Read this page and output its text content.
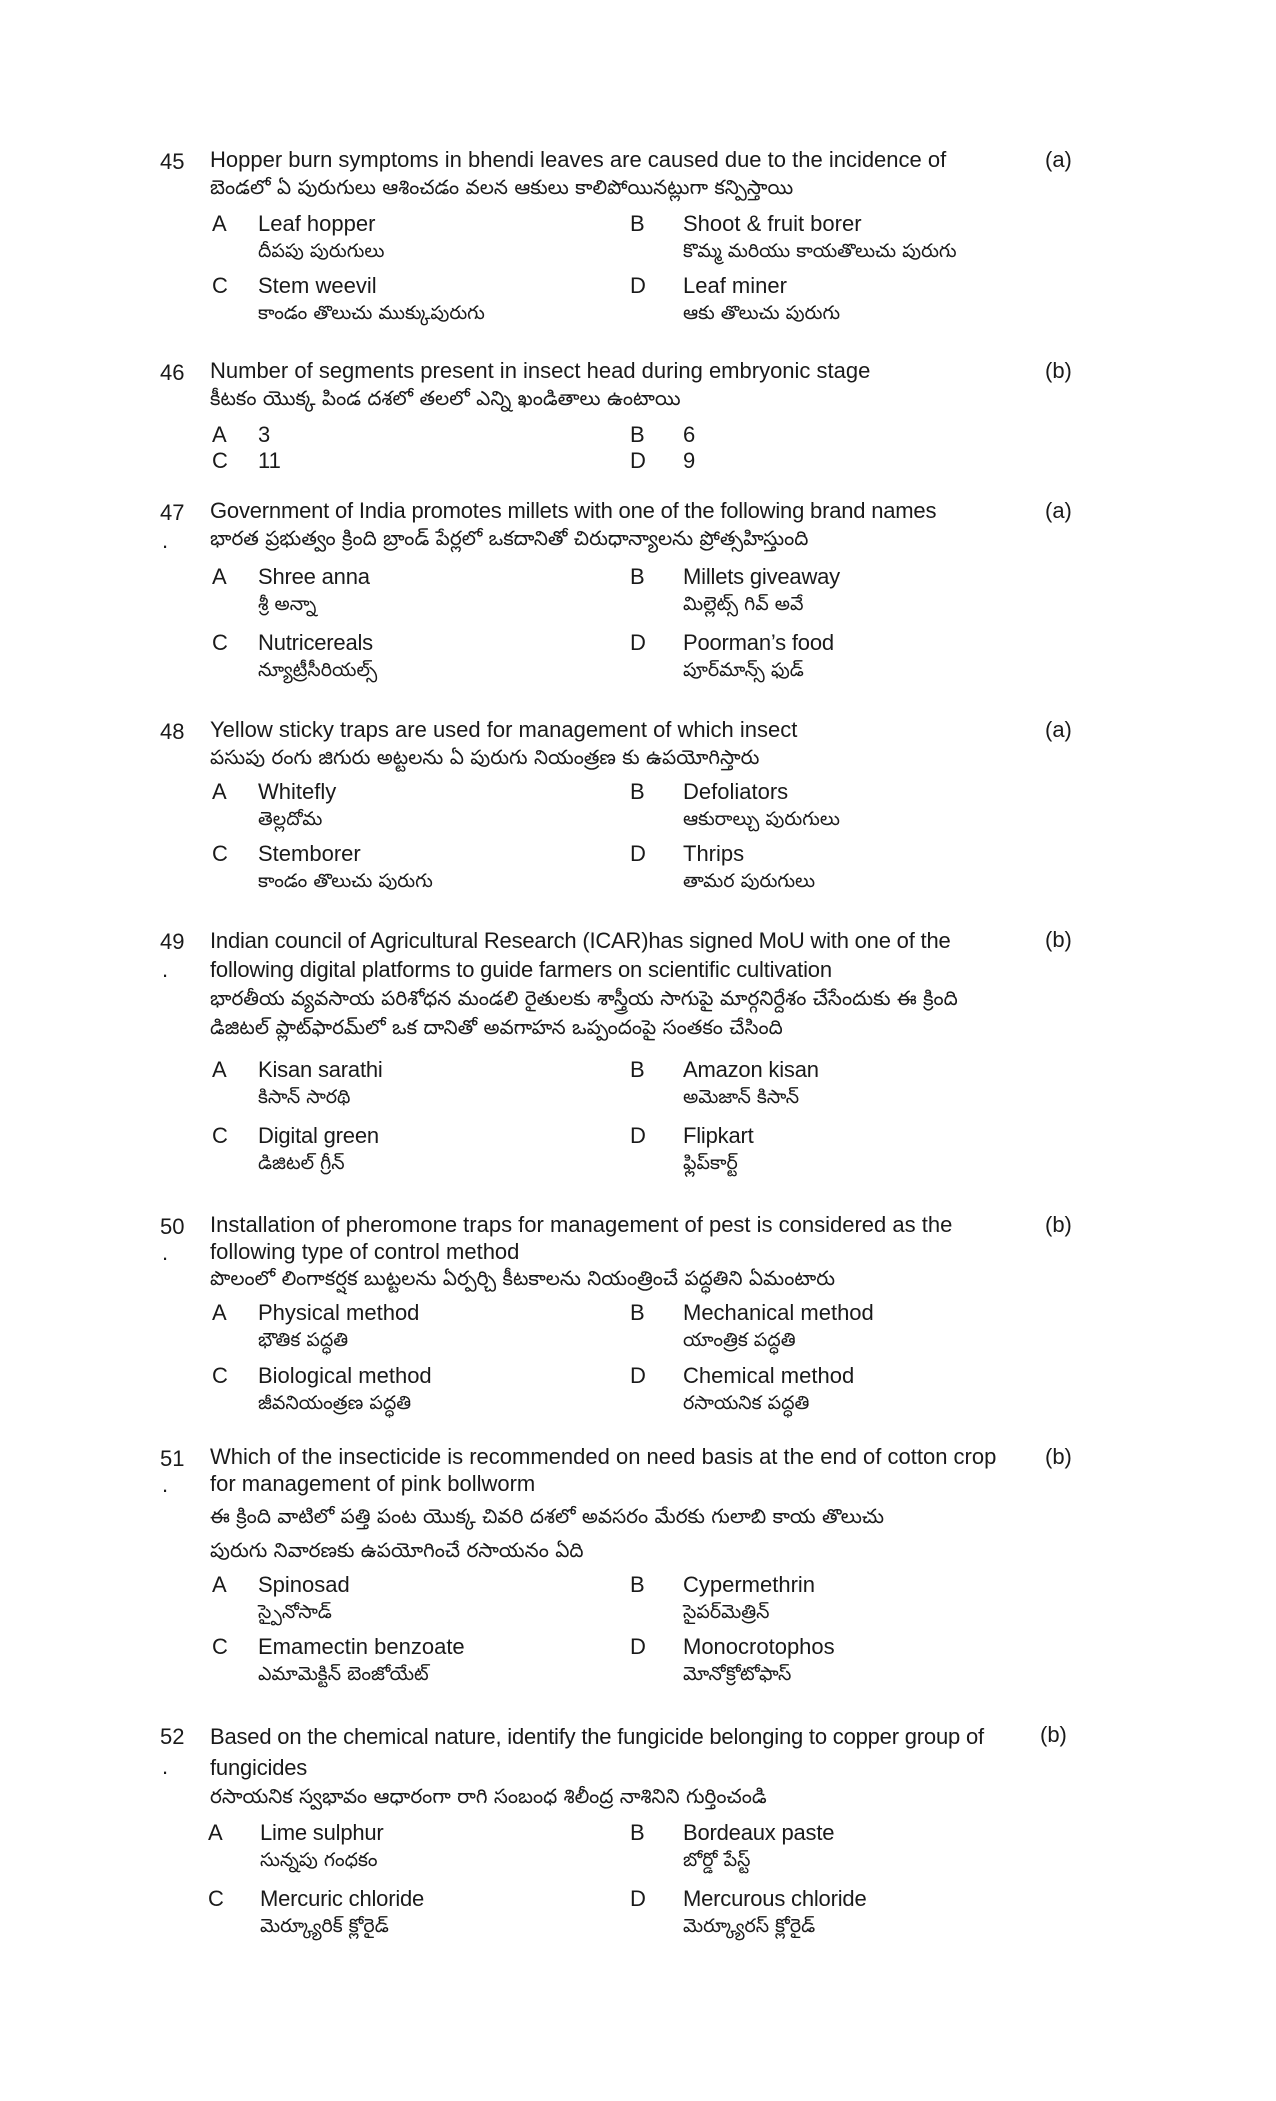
45 Hopper burn symptoms in bhendi leaves are caused due to the incidence of
బెండలో ఏ పురుగులు ఆశించడం వలన ఆకులు కాలిపోయినట్లుగా కన్పిస్తాయి
(a)
A Leaf hopper
దీపపు పురుగులు
B Shoot & fruit borer
కొమ్మ మరియు కాయతొలుచు పురుగు
C Stem weevil
కాండం తొలుచు ముక్కుపురుగు
D Leaf miner
ఆకు తొలుచు పురుగు
46 Number of segments present in insect head during embryonic stage
కీటకం యొక్క పిండ దశలో తలలో ఎన్ని ఖండితాలు ఉంటాయి
(b)
A 3	B 6
C 11	D 9
47
.
Government of India promotes millets with one of the following brand names
భారత ప్రభుత్వం క్రింది బ్రాండ్ పేర్లలో ఒకదానితో చిరుధాన్యాలను ప్రోత్సహిస్తుంది
(a)
A Shree anna
శ్రీ అన్నా
B Millets giveaway
మిల్లెట్స్ గివ్ అవే
C Nutricereals
న్యూట్రీసీరియల్స్
D Poorman’s food
పూర్‌మాన్స్ ఫుడ్
48 Yellow sticky traps are used for management of which insect
పసుపు రంగు జిగురు అట్టలను ఏ పురుగు నియంత్రణ కు ఉపయోగిస్తారు
(a)
A Whitefly
తెల్లదోమ
B Defoliators
ఆకురాల్చు పురుగులు
C Stemborer
కాండం తొలుచు పురుగు
D Thrips
తామర పురుగులు
49
.
Indian council of Agricultural Research (ICAR)has signed MoU with one of the following digital platforms to guide farmers on scientific cultivation
భారతీయ వ్యవసాయ పరిశోధన మండలి రైతులకు శాస్త్రీయ సాగుపై మార్గనిర్దేశం చేసేందుకు ఈ క్రింది డిజిటల్ ప్లాట్‌ఫారమ్‌లో ఒక దానితో అవగాహన ఒప్పందంపై సంతకం చేసింది
(b)
A Kisan sarathi
కిసాన్ సారథి
B Amazon kisan
అమెజాన్ కిసాన్
C Digital green
డిజిటల్ గ్రీన్
D Flipkart
ఫ్లిప్‌కార్ట్
50
.
Installation of pheromone traps for management of pest is considered as the following type of control method
పొలంలో లింగాకర్షక బుట్టలను ఏర్పర్చి కీటకాలను నియంత్రించే పద్ధతిని ఏమంటారు
(b)
A Physical method
భౌతిక పద్ధతి
B Mechanical method
యాంత్రిక పద్ధతి
C Biological method
జీవనియంత్రణ పద్ధతి
D Chemical method
రసాయనిక పద్ధతి
51
.
Which of the insecticide is recommended on need basis at the end of cotton crop for management of pink bollworm
ఈ క్రింది వాటిలో పత్తి పంట యొక్క చివరి దశలో అవసరం మేరకు గులాబి కాయ తొలుచు పురుగు నివారణకు ఉపయోగించే రసాయనం ఏది
(b)
A Spinosad
స్పైనోసాడ్
B Cypermethrin
సైపర్‌మెత్రిన్
C Emamectin benzoate
ఎమామెక్టిన్ బెంజోయేట్
D Monocrotophos
మోనోక్రోటోఫాస్
52
.
Based on the chemical nature, identify the fungicide belonging to copper group of fungicides
రసాయనిక స్వభావం ఆధారంగా రాగి సంబంధ శిలీంద్ర నాశినిని గుర్తించండి
(b)
A Lime sulphur
సున్నపు గంధకం
B Bordeaux paste
బోర్డో పేస్ట్
C Mercuric chloride
మెర్క్యూరిక్ క్లోరైడ్
D Mercurous chloride
మెర్క్యూరస్ క్లోరైడ్
